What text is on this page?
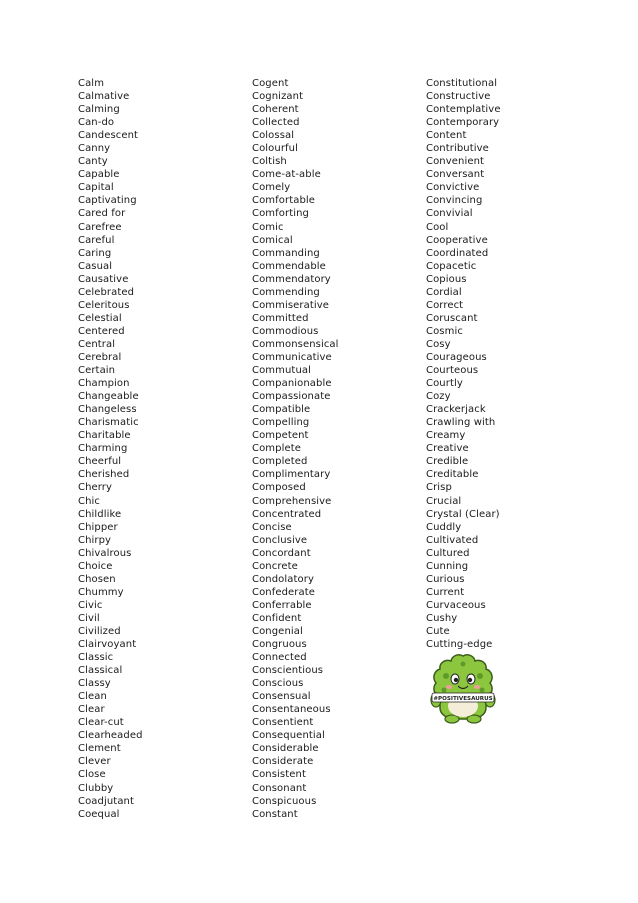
Calm
Calmative
Calming
Can-do
Candescent
Canny
Canty
Capable
Capital
Captivating
Cared for
Carefree
Careful
Caring
Casual
Causative
Celebrated
Celeritous
Celestial
Centered
Central
Cerebral
Certain
Champion
Changeable
Changeless
Charismatic
Charitable
Charming
Cheerful
Cherished
Cherry
Chic
Childlike
Chipper
Chirpy
Chivalrous
Choice
Chosen
Chummy
Civic
Civil
Civilized
Clairvoyant
Classic
Classical
Classy
Clean
Clear
Clear-cut
Clearheaded
Clement
Clever
Close
Clubby
Coadjutant
Coequal
Cogent
Cognizant
Coherent
Collected
Colossal
Colourful
Coltish
Come-at-able
Comely
Comfortable
Comforting
Comic
Comical
Commanding
Commendable
Commendatory
Commending
Commiserative
Committed
Commodious
Commonsensical
Communicative
Commutual
Companionable
Compassionate
Compatible
Compelling
Competent
Complete
Completed
Complimentary
Composed
Comprehensive
Concentrated
Concise
Conclusive
Concordant
Concrete
Condolatory
Confederate
Conferrable
Confident
Congenial
Congruous
Connected
Conscientious
Conscious
Consensual
Consentaneous
Consentient
Consequential
Considerable
Considerate
Consistent
Consonant
Conspicuous
Constant
Constitutional
Constructive
Contemplative
Contemporary
Content
Contributive
Convenient
Conversant
Convictive
Convincing
Convivial
Cool
Cooperative
Coordinated
Copacetic
Copious
Cordial
Correct
Coruscant
Cosmic
Cosy
Courageous
Courteous
Courtly
Cozy
Crackerjack
Crawling with
Creamy
Creative
Credible
Creditable
Crisp
Crucial
Crystal (Clear)
Cuddly
Cultivated
Cultured
Cunning
Curious
Current
Curvaceous
Cushy
Cute
Cutting-edge
#POSITIVESAURUS
